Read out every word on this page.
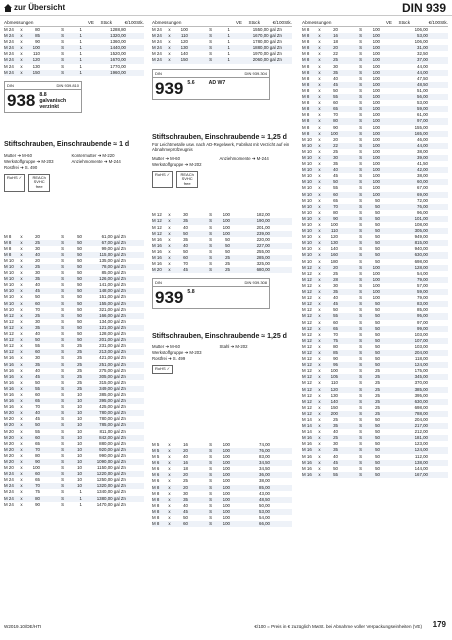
zur Übersicht	DIN 939
Abmessungen	VE	Stück	€/100Stk.
M 24	x	80	S	1	1288,80
M 24	x	85	S	1	1320,00
M 24	x	90	S	1	1360,00
M 24	x	100	S	1	1440,00
M 24	x	110	S	1	1520,00
M 24	x	120	S	1	1670,00
M 24	x	130	S	1	1770,00
M 24	x	150	S	1	1960,00
DIN	DIN 939.810
938 8.8
galvanisch verzinkt
Stiftschrauben, Einschraubende ≈ 1 d
Mutter ➜ M-60
Werkstoffgruppe ➜ M-203
Rostfrei ➜ S. 490
Kontermutter ➜ M-220
Anziehmomente ➜ M-244
RoHS ✓	REACh SVHC free
M 8	x	20	S	50	61,00 gal Zn
M 8	x	25	S	50	67,00 gal Zn
M 8	x	30	S	50	99,00 gal Zn
M 8	x	40	S	50	115,00 gal Zn
M 10	x	20	S	50	135,00 gal Zn
M 10	x	25	S	50	78,00 gal Zn
M 10	x	30	S	50	85,00 gal Zn
M 10	x	35	S	50	126,00 gal Zn
M 10	x	40	S	50	141,00 gal Zn
M 10	x	45	S	50	148,00 gal Zn
M 10	x	50	S	50	151,00 gal Zn
M 10	x	60	S	50	155,00 gal Zn
M 10	x	70	S	50	321,00 gal Zn
M 12	x	25	S	50	166,00 gal Zn
M 12	x	30	S	50	134,00 gal Zn
M 12	x	35	S	50	121,00 gal Zn
M 12	x	40	S	50	128,00 gal Zn
M 12	x	50	S	50	201,00 gal Zn
M 12	x	55	S	25	231,00 gal Zn
M 12	x	60	S	25	213,00 gal Zn
M 16	x	30	S	25	421,00 gal Zn
M 16	x	35	S	25	251,00 gal Zn
M 16	x	40	S	25	275,00 gal Zn
M 16	x	45	S	25	305,00 gal Zn
M 16	x	50	S	25	315,00 gal Zn
M 16	x	55	S	25	349,00 gal Zn
M 16	x	60	S	10	385,00 gal Zn
M 16	x	65	S	10	395,00 gal Zn
M 16	x	70	S	10	425,00 gal Zn
M 20	x	40	S	10	780,00 gal Zn
M 20	x	45	S	10	780,00 gal Zn
M 20	x	50	S	10	785,00 gal Zn
M 20	x	55	S	10	811,00 gal Zn
M 20	x	60	S	10	842,00 gal Zn
M 20	x	65	S	10	880,00 gal Zn
M 20	x	70	S	10	920,00 gal Zn
M 20	x	80	S	10	990,00 gal Zn
M 20	x	90	S	10	1090,00 gal Zn
M 20	x	100	S	10	1150,00 gal Zn
M 24	x	60	S	10	1220,00 gal Zn
M 24	x	65	S	10	1250,00 gal Zn
M 24	x	70	S	10	1320,00 gal Zn
M 24	x	75	S	1	1340,00 gal Zn
M 24	x	80	S	1	1380,00 gal Zn
M 24	x	90	S	1	1470,00 gal Zn
Abmessungen	VE	Stück	€/100Stk.
M 24	x	100	S	1	1550,00 gal Zn
M 24	x	110	S	1	1670,00 gal Zn
M 24	x	120	S	1	1780,00 gal Zn
M 24	x	130	S	1	1880,00 gal Zn
M 24	x	140	S	1	1970,00 gal Zn
M 24	x	150	S	1	2060,00 gal Zn
DIN	DIN 939.304
939 5.6	AD W7
Stiftschrauben, Einschraubende ≈ 1,25 d
Für Leichtmetalle usw. nach AD-Regelwerk, Fabrikat mit Verzicht auf ein Abnahmeprüfzeugnis
Mutter ➜ M-60
Werkstoffgruppe ➜ M-202
Anziehmomente ➜ M-244
RoHS ✓	REACh SVHC free
M 12	x	30	S	100	182,00
M 12	x	35	S	100	190,00
M 12	x	40	S	100	201,00
M 12	x	50	S	100	239,00
M 16	x	35	S	50	220,00
M 16	x	40	S	50	227,00
M 16	x	50	S	50	255,00
M 16	x	60	S	25	285,00
M 16	x	70	S	25	325,00
M 20	x	45	S	25	680,00
DIN	DIN 939.308
939 5.8
Stiftschrauben, Einschraubende ≈ 1,25 d
Mutter ➜ M-60
Werkstoffgruppe ➜ M-203
Rostfrei ➜ S. 499
Stahl ➜ M-202
RoHS ✓
M 5	x	16	S	100	74,00
M 5	x	20	S	100	76,00
M 5	x	40	S	100	83,00
M 6	x	16	S	100	34,50
M 6	x	18	S	100	34,50
M 6	x	20	S	100	36,00
M 6	x	25	S	100	38,00
M 8	x	20	S	100	85,00
M 8	x	30	S	100	43,00
M 8	x	35	S	100	48,50
M 8	x	40	S	100	50,00
M 8	x	45	S	100	53,00
M 8	x	50	S	100	54,00
M 8	x	60	S	100	66,00
Abmessungen	VE	Stück	€/100Stk.
M 8	x	20	S	100	106,00
M 8	x	16	S	100	53,00
M 8	x	18	S	100	106,00
M 8	x	20	S	100	31,00
M 8	x	22	S	100	32,50
M 8	x	25	S	100	37,00
M 8	x	30	S	100	44,00
M 8	x	35	S	100	44,00
M 8	x	40	S	100	47,50
M 8	x	45	S	100	48,50
M 8	x	50	S	100	51,00
M 8	x	55	S	100	56,00
M 8	x	60	S	100	53,00
M 8	x	65	S	100	59,00
M 8	x	70	S	100	61,00
M 8	x	80	S	100	97,00
M 8	x	90	S	100	155,00
M 8	x	100	S	100	165,00
M 10	x	20	S	100	46,00
M 10	x	22	S	100	44,00
M 10	x	25	S	100	38,00
M 10	x	30	S	100	39,00
M 10	x	35	S	100	41,50
M 10	x	40	S	100	42,00
M 10	x	45	S	100	38,00
M 10	x	50	S	100	60,00
M 10	x	55	S	100	67,00
M 10	x	60	S	100	69,00
M 10	x	65	S	50	72,00
M 10	x	70	S	50	76,00
M 10	x	80	S	50	96,00
M 10	x	90	S	50	101,00
M 10	x	100	S	50	108,00
M 10	x	110	S	50	305,00
M 10	x	120	S	50	949,00
M 10	x	130	S	50	815,00
M 10	x	140	S	50	940,00
M 10	x	160	S	50	630,00
M 10	x	180	S	50	698,00
M 12	x	20	S	100	128,00
M 12	x	25	S	100	54,00
M 12	x	28	S	100	79,00
M 12	x	30	S	100	57,00
M 12	x	35	S	100	59,00
M 12	x	40	S	100	79,00
M 12	x	45	S	50	83,00
M 12	x	50	S	50	85,00
M 12	x	55	S	50	95,00
M 12	x	60	S	50	97,00
M 12	x	65	S	50	99,00
M 12	x	70	S	50	103,00
M 12	x	75	S	50	107,00
M 12	x	80	S	50	103,00
M 12	x	85	S	50	204,00
M 12	x	90	S	50	118,00
M 12	x	95	S	50	124,00
M 12	x	100	S	25	175,00
M 12	x	105	S	25	345,00
M 12	x	110	S	25	370,00
M 12	x	120	S	25	385,00
M 12	x	130	S	25	395,00
M 12	x	140	S	25	630,00
M 12	x	150	S	25	698,00
M 12	x	200	S	25	788,00
M 14	x	25	S	50	204,00
M 14	x	35	S	50	217,00
M 14	x	40	S	50	212,00
M 16	x	25	S	50	181,00
M 16	x	30	S	50	123,00
M 16	x	35	S	50	124,00
M 16	x	40	S	50	112,00
M 16	x	45	S	50	138,00
M 16	x	50	S	50	144,00
M 16	x	55	S	50	167,00
W2019.10/DE/HTI	€/100 = Preis in € zuzüglich MwSt. bei Abnahme voller Verpackungseinheiten (VE) 179
